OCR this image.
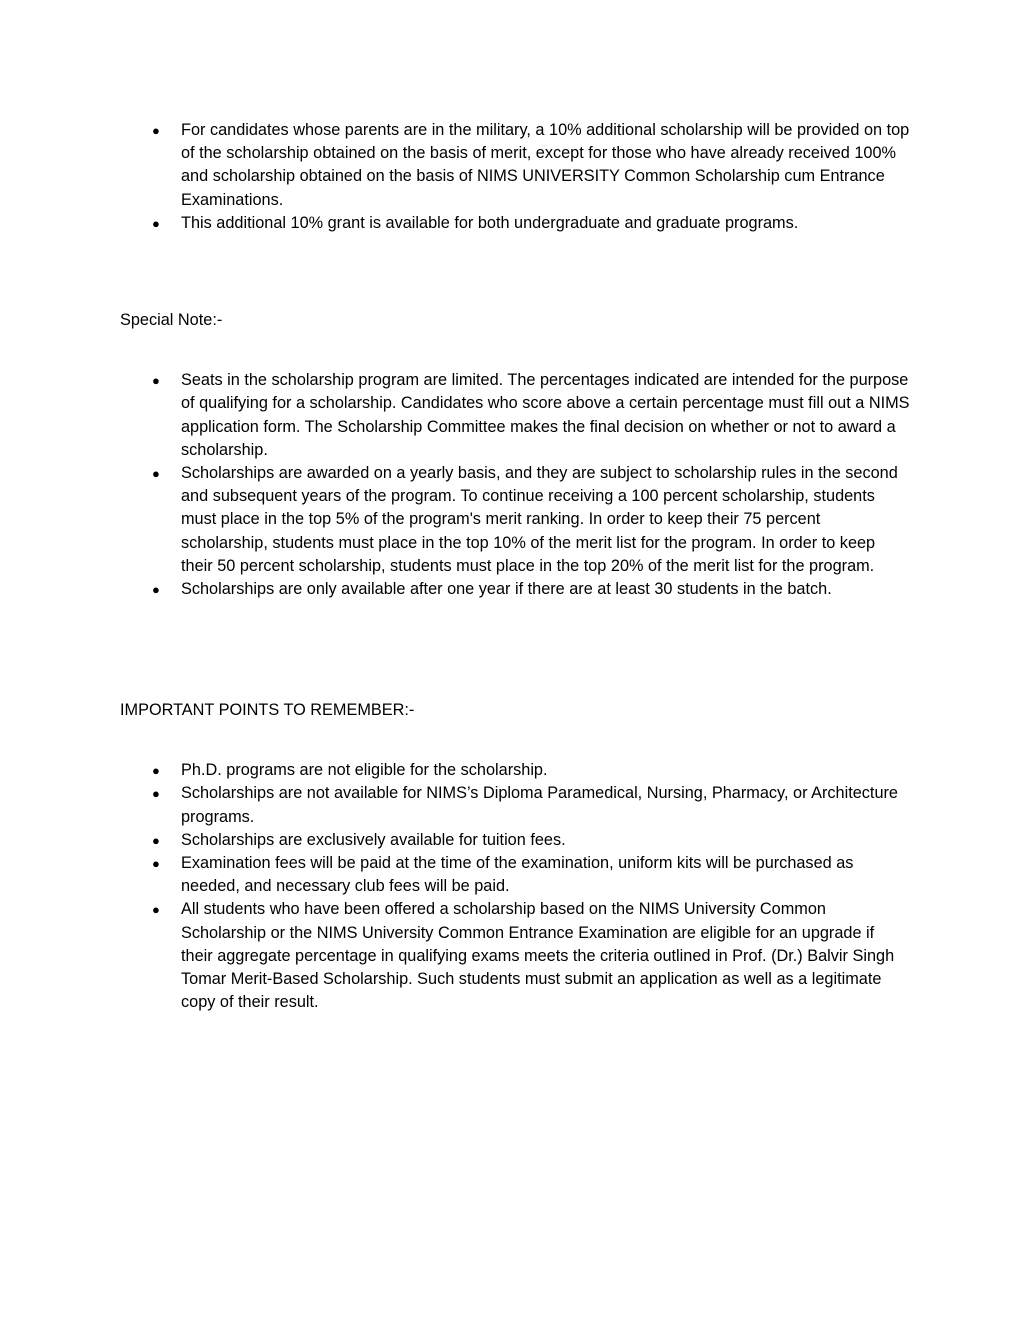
● For candidates whose parents are in the military, a 10% additional scholarship will be provided on top of the scholarship obtained on the basis of merit, except for those who have already received 100% and scholarship obtained on the basis of NIMS UNIVERSITY Common Scholarship cum Entrance Examinations.
● This additional 10% grant is available for both undergraduate and graduate programs.

Special Note:-

● Seats in the scholarship program are limited. The percentages indicated are intended for the purpose of qualifying for a scholarship. Candidates who score above a certain percentage must fill out a NIMS application form. The Scholarship Committee makes the final decision on whether or not to award a scholarship.
● Scholarships are awarded on a yearly basis, and they are subject to scholarship rules in the second and subsequent years of the program. To continue receiving a 100 percent scholarship, students must place in the top 5% of the program's merit ranking. In order to keep their 75 percent scholarship, students must place in the top 10% of the merit list for the program. In order to keep their 50 percent scholarship, students must place in the top 20% of the merit list for the program.
● Scholarships are only available after one year if there are at least 30 students in the batch.

IMPORTANT POINTS TO REMEMBER:-

● Ph.D. programs are not eligible for the scholarship.
● Scholarships are not available for NIMS’s Diploma Paramedical, Nursing, Pharmacy, or Architecture programs.
● Scholarships are exclusively available for tuition fees.
● Examination fees will be paid at the time of the examination, uniform kits will be purchased as needed, and necessary club fees will be paid.
● All students who have been offered a scholarship based on the NIMS University Common Scholarship or the NIMS University Common Entrance Examination are eligible for an upgrade if their aggregate percentage in qualifying exams meets the criteria outlined in Prof. (Dr.) Balvir Singh Tomar Merit-Based Scholarship. Such students must submit an application as well as a legitimate copy of their result.
